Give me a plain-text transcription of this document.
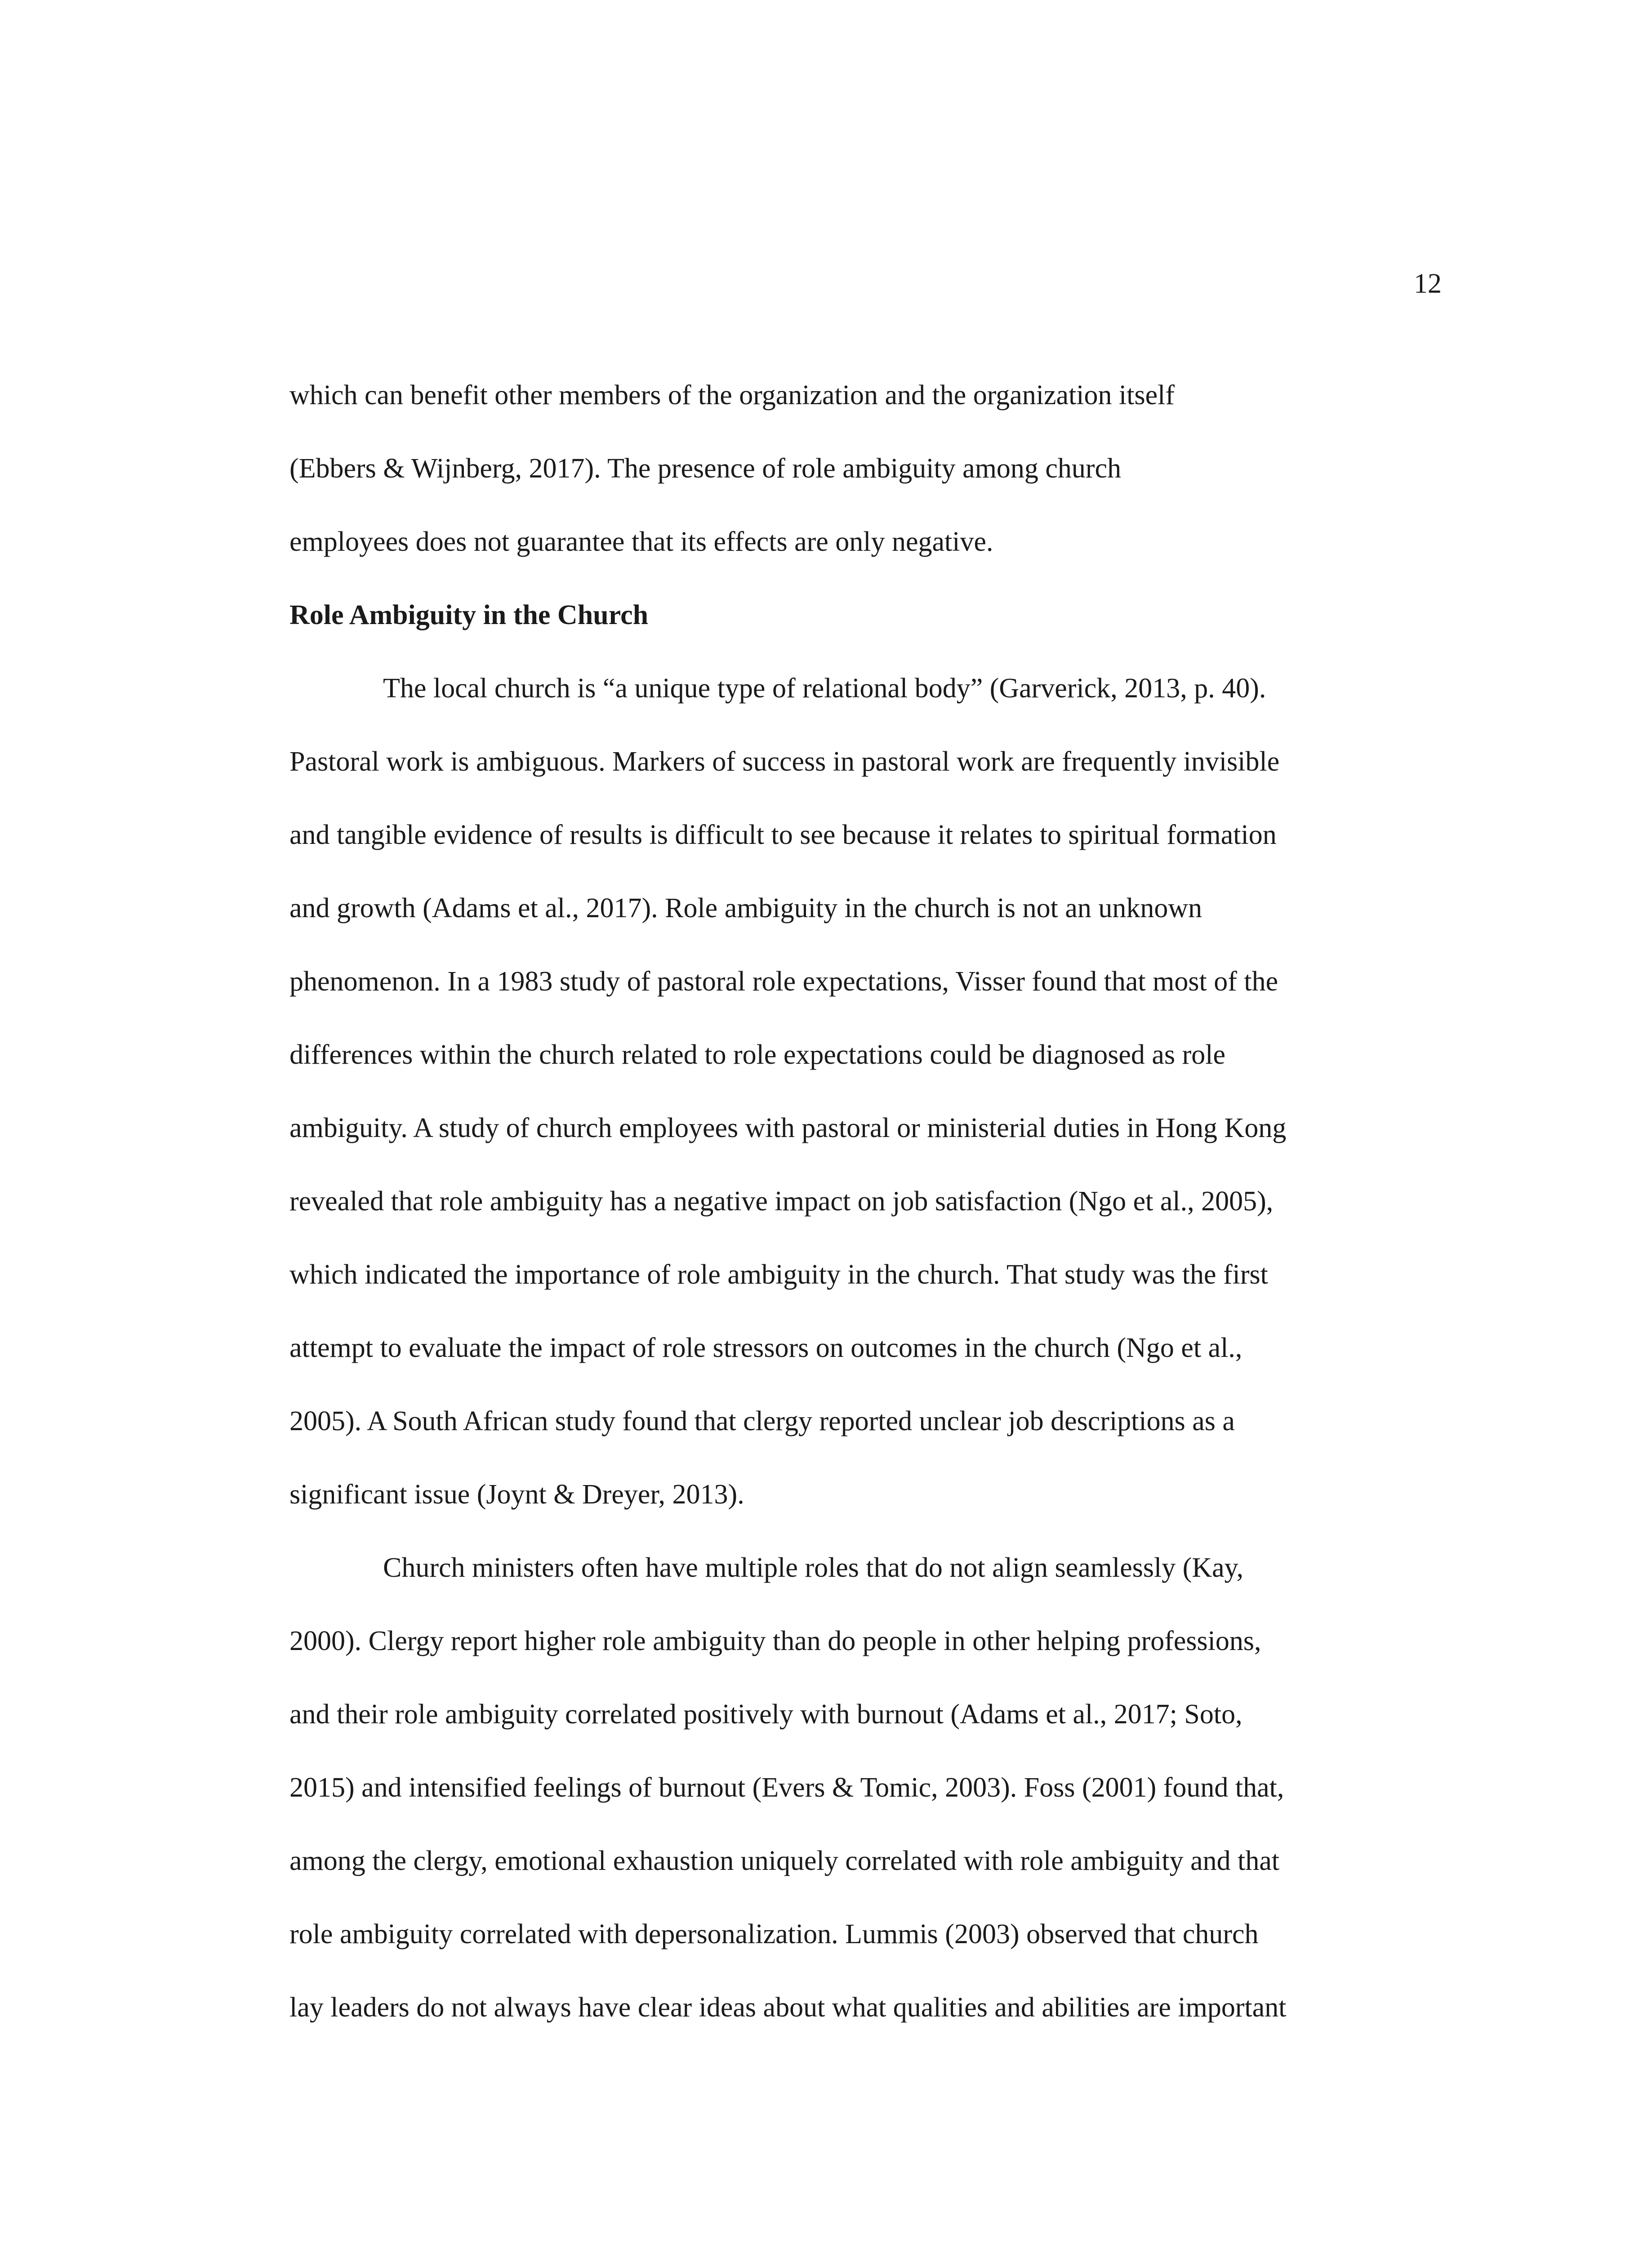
12
which can benefit other members of the organization and the organization itself
(Ebbers & Wijnberg, 2017). The presence of role ambiguity among church
employees does not guarantee that its effects are only negative.
Role Ambiguity in the Church
The local church is “a unique type of relational body” (Garverick, 2013, p. 40).
Pastoral work is ambiguous. Markers of success in pastoral work are frequently invisible
and tangible evidence of results is difficult to see because it relates to spiritual formation
and growth (Adams et al., 2017). Role ambiguity in the church is not an unknown
phenomenon. In a 1983 study of pastoral role expectations, Visser found that most of the
differences within the church related to role expectations could be diagnosed as role
ambiguity. A study of church employees with pastoral or ministerial duties in Hong Kong
revealed that role ambiguity has a negative impact on job satisfaction (Ngo et al., 2005),
which indicated the importance of role ambiguity in the church. That study was the first
attempt to evaluate the impact of role stressors on outcomes in the church (Ngo et al.,
2005). A South African study found that clergy reported unclear job descriptions as a
significant issue (Joynt & Dreyer, 2013).
Church ministers often have multiple roles that do not align seamlessly (Kay,
2000). Clergy report higher role ambiguity than do people in other helping professions,
and their role ambiguity correlated positively with burnout (Adams et al., 2017; Soto,
2015) and intensified feelings of burnout (Evers & Tomic, 2003). Foss (2001) found that,
among the clergy, emotional exhaustion uniquely correlated with role ambiguity and that
role ambiguity correlated with depersonalization. Lummis (2003) observed that church
lay leaders do not always have clear ideas about what qualities and abilities are important
